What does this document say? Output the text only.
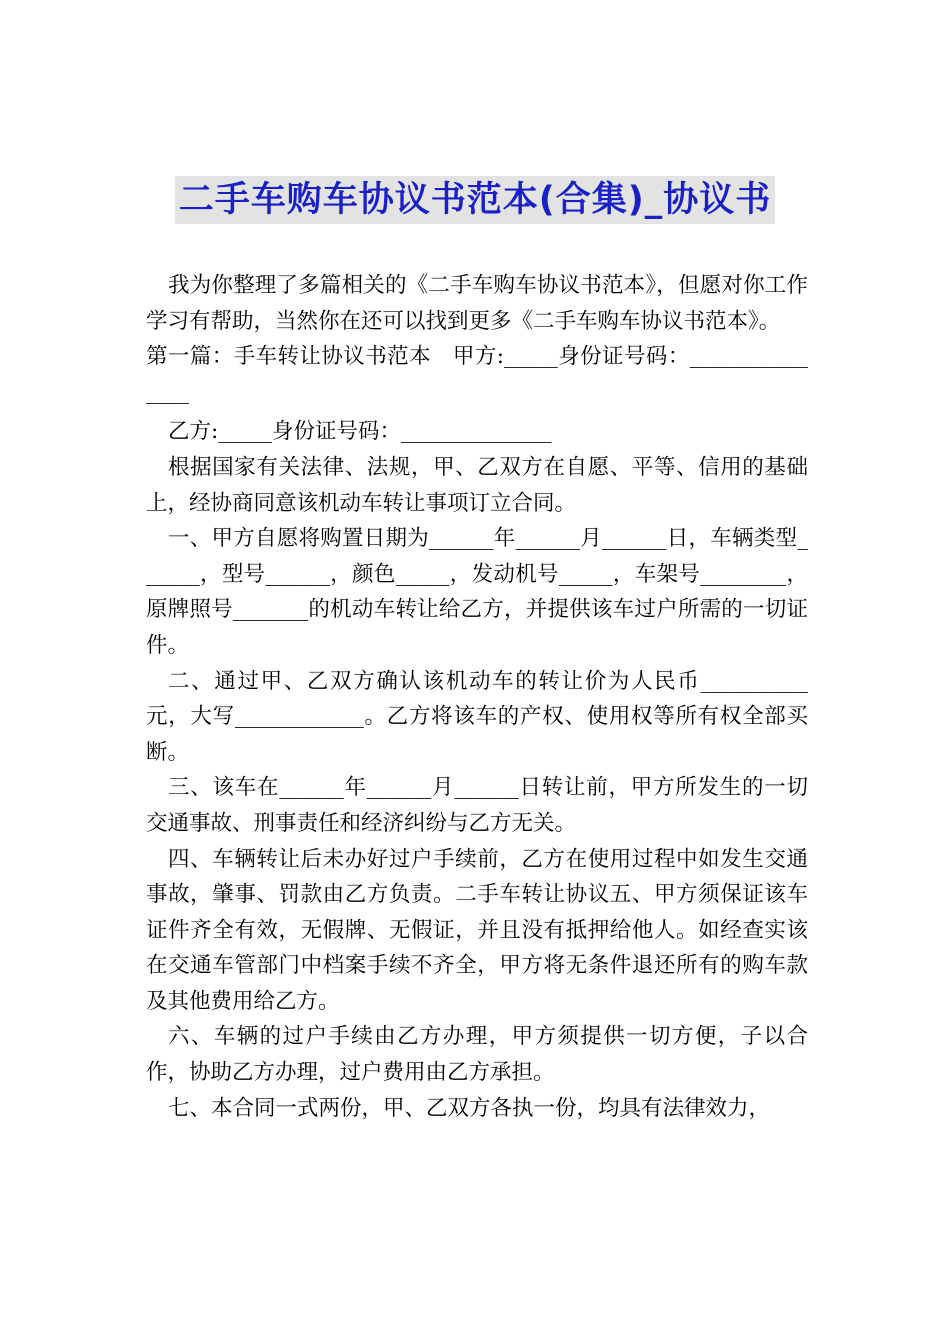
二手车购车协议书范本(合集)_协议书

我为你整理了多篇相关的《二手车购车协议书范本》，但愿对你工作学习有帮助，当然你在还可以找到更多《二手车购车协议书范本》。

第一篇：手车转让协议书范本　甲方:_____身份证号码：_______________

乙方:_____身份证号码：______________

根据国家有关法律、法规，甲、乙双方在自愿、平等、信用的基础上，经协商同意该机动车转让事项订立合同。

一、甲方自愿将购置日期为______年______月______日，车辆类型______，型号______，颜色_____，发动机号_____，车架号________，原牌照号_______的机动车转让给乙方，并提供该车过户所需的一切证件。

二、通过甲、乙双方确认该机动车的转让价为人民币__________元，大写____________。乙方将该车的产权、使用权等所有权全部买断。

三、该车在______年______月______日转让前，甲方所发生的一切交通事故、刑事责任和经济纠纷与乙方无关。

四、车辆转让后未办好过户手续前，乙方在使用过程中如发生交通事故，肇事、罚款由乙方负责。二手车转让协议五、甲方须保证该车证件齐全有效，无假牌、无假证，并且没有抵押给他人。如经查实该在交通车管部门中档案手续不齐全，甲方将无条件退还所有的购车款及其他费用给乙方。

六、车辆的过户手续由乙方办理，甲方须提供一切方便，子以合作，协助乙方办理，过户费用由乙方承担。

七、本合同一式两份，甲、乙双方各执一份，均具有法律效力，
